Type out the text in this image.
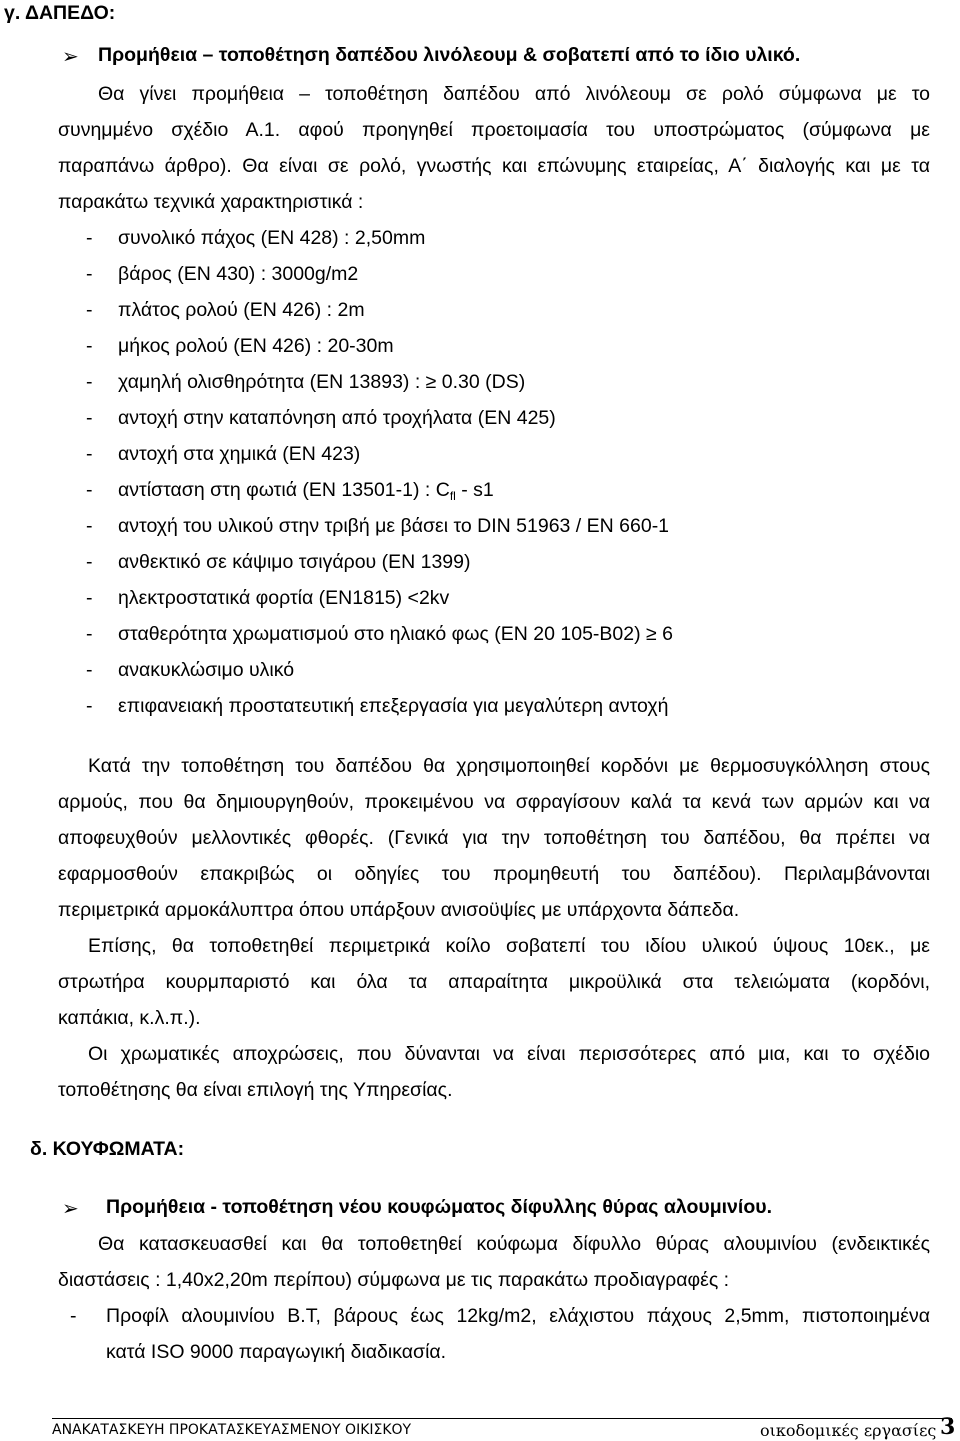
γ. ΔΑΠΕΔΟ:
➢ Προμήθεια – τοποθέτηση δαπέδου λινόλεουμ & σοβατεπί από το ίδιο υλικό.
Θα γίνει προμήθεια – τοποθέτηση δαπέδου από λινόλεουμ σε ρολό σύμφωνα με το
συνημμένο σχέδιο Α.1. αφού προηγηθεί προετοιμασία του υποστρώματος (σύμφωνα με
παραπάνω άρθρο). Θα είναι σε ρολό, γνωστής και επώνυμης εταιρείας, Α΄ διαλογής και με τα
παρακάτω τεχνικά χαρακτηριστικά :
- συνολικό πάχος (ΕΝ 428) : 2,50mm
- βάρος (ΕΝ 430) : 3000g/m2
- πλάτος ρολού (ΕΝ 426) : 2m
- μήκος ρολού (ΕΝ 426) : 20-30m
- χαμηλή ολισθηρότητα (ΕΝ 13893) : ≥ 0.30 (DS)
- αντοχή στην καταπόνηση από τροχήλατα (ΕΝ 425)
- αντοχή στα χημικά (ΕΝ 423)
- αντίσταση στη φωτιά (ΕΝ 13501-1) : $C_{fl} - s1$
- αντοχή του υλικού στην τριβή με βάσει το DIN 51963 / EN 660-1
- ανθεκτικό σε κάψιμο τσιγάρου (ΕΝ 1399)
- ηλεκτροστατικά φορτία (ΕΝ1815) <2kv
- σταθερότητα χρωματισμού στο ηλιακό φως (ΕΝ 20 105-Β02) ≥ 6
- ανακυκλώσιμο υλικό
- επιφανειακή προστατευτική επεξεργασία για μεγαλύτερη αντοχή
Κατά την τοποθέτηση του δαπέδου θα χρησιμοποιηθεί κορδόνι με θερμοσυγκόλληση στους
αρμούς, που θα δημιουργηθούν, προκειμένου να σφραγίσουν καλά τα κενά των αρμών και να
αποφευχθούν μελλοντικές φθορές. (Γενικά για την τοποθέτηση του δαπέδου, θα πρέπει να
εφαρμοσθούν επακριβώς οι οδηγίες του προμηθευτή του δαπέδου). Περιλαμβάνονται
περιμετρικά αρμοκάλυπτρα όπου υπάρξουν ανισοϋψίες με υπάρχοντα δάπεδα.
Επίσης, θα τοποθετηθεί περιμετρικά κοίλο σοβατεπί του ιδίου υλικού ύψους 10εκ., με
στρωτήρα κουρμπαριστό και όλα τα απαραίτητα μικροϋλικά στα τελειώματα (κορδόνι,
καπάκια, κ.λ.π.).
Οι χρωματικές αποχρώσεις, που δύνανται να είναι περισσότερες από μια, και το σχέδιο
τοποθέτησης θα είναι επιλογή της Υπηρεσίας.
δ. ΚΟΥΦΩΜΑΤΑ:
➢ Προμήθεια - τοποθέτηση νέου κουφώματος δίφυλλης θύρας αλουμινίου.
Θα κατασκευασθεί και θα τοποθετηθεί κούφωμα δίφυλλο θύρας αλουμινίου (ενδεικτικές
διαστάσεις : 1,40x2,20m περίπου) σύμφωνα με τις παρακάτω προδιαγραφές :
- Προφίλ αλουμινίου Β.Τ, βάρους έως 12kg/m2, ελάχιστου πάχους 2,5mm, πιστοποιημένα
κατά ISO 9000 παραγωγική διαδικασία.
ΑΝΑΚΑΤΑΣΚΕΥΗ ΠΡΟΚΑΤΑΣΚΕΥΑΣΜΕΝΟΥ ΟΙΚΙΣΚΟΥ	οικοδομικές εργασίες 3
